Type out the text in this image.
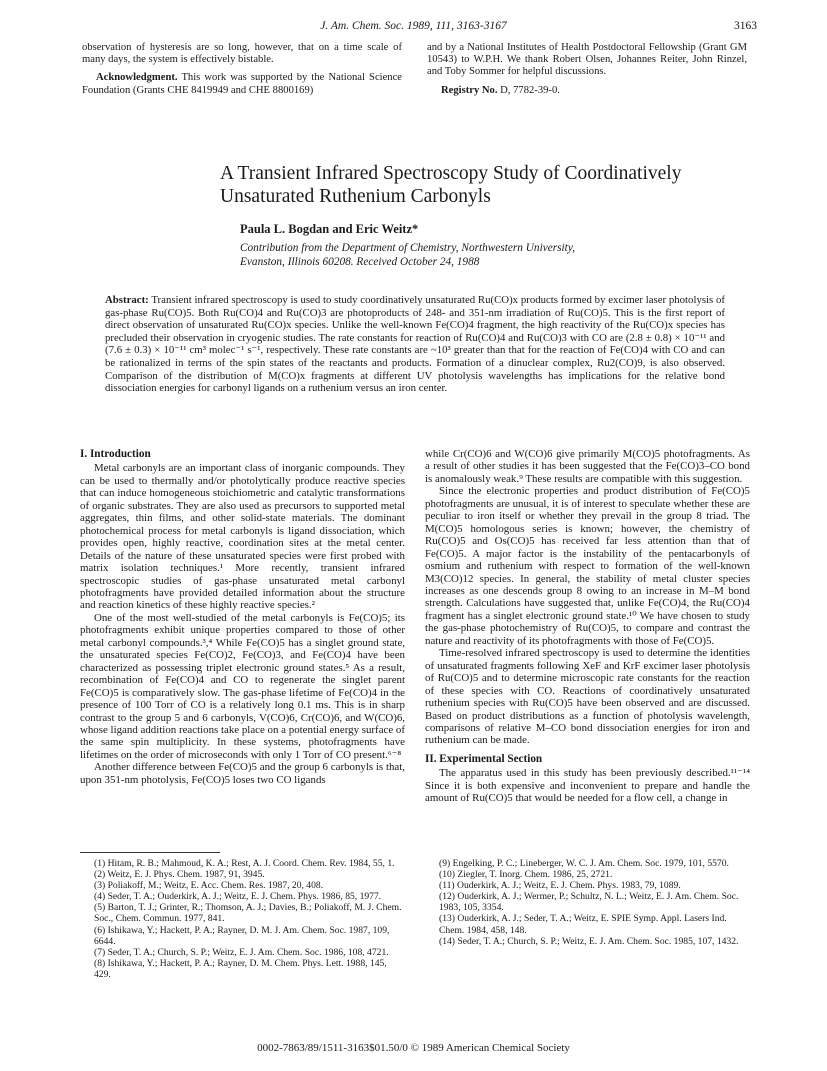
J. Am. Chem. Soc. 1989, 111, 3163-3167	3163

observation of hysteresis are so long, however, that on a time scale of many days, the system is effectively bistable.

Acknowledgment. This work was supported by the National Science Foundation (Grants CHE 8419949 and CHE 8800169)

and by a National Institutes of Health Postdoctoral Fellowship (Grant GM 10543) to W.P.H. We thank Robert Olsen, Johannes Reiter, John Rinzel, and Toby Sommer for helpful discussions.

Registry No. D, 7782-39-0.

A Transient Infrared Spectroscopy Study of Coordinatively Unsaturated Ruthenium Carbonyls
Paula L. Bogdan and Eric Weitz*
Contribution from the Department of Chemistry, Northwestern University,
Evanston, Illinois 60208. Received October 24, 1988
Abstract: Transient infrared spectroscopy is used to study coordinatively unsaturated Ru(CO)x products formed by excimer laser photolysis of gas-phase Ru(CO)5. Both Ru(CO)4 and Ru(CO)3 are photoproducts of 248- and 351-nm irradiation of Ru(CO)5. This is the first report of direct observation of unsaturated Ru(CO)x species. Unlike the well-known Fe(CO)4 fragment, the high reactivity of the Ru(CO)x species has precluded their observation in cryogenic studies. The rate constants for reaction of Ru(CO)4 and Ru(CO)3 with CO are (2.8 ± 0.8) × 10⁻¹¹ and (7.6 ± 0.3) × 10⁻¹¹ cm³ molec⁻¹ s⁻¹, respectively. These rate constants are ~10³ greater than that for the reaction of Fe(CO)4 with CO and can be rationalized in terms of the spin states of the reactants and products. Formation of a dinuclear complex, Ru2(CO)9, is also observed. Comparison of the distribution of M(CO)x fragments at different UV photolysis wavelengths has implications for the relative bond dissociation energies for carbonyl ligands on a ruthenium versus an iron center.

I. Introduction

Metal carbonyls are an important class of inorganic compounds. They can be used to thermally and/or photolytically produce reactive species that can induce homogeneous stoichiometric and catalytic transformations of organic substrates. They are also used as precursors to supported metal aggregates, thin films, and other solid-state materials. The dominant photochemical process for metal carbonyls is ligand dissociation, which provides open, highly reactive, coordination sites at the metal center. Details of the nature of these unsaturated species were first probed with matrix isolation techniques.¹ More recently, transient infrared spectroscopic studies of gas-phase unsaturated metal carbonyl photofragments have provided detailed information about the structure and reaction kinetics of these highly reactive species.²

One of the most well-studied of the metal carbonyls is Fe(CO)5; its photofragments exhibit unique properties compared to those of other metal carbonyl compounds.³,⁴ While Fe(CO)5 has a singlet ground state, the unsaturated species Fe(CO)2, Fe(CO)3, and Fe(CO)4 have been characterized as possessing triplet electronic ground states.⁵ As a result, recombination of Fe(CO)4 and CO to regenerate the singlet parent Fe(CO)5 is comparatively slow. The gas-phase lifetime of Fe(CO)4 in the presence of 100 Torr of CO is a relatively long 0.1 ms. This is in sharp contrast to the group 5 and 6 carbonyls, V(CO)6, Cr(CO)6, and W(CO)6, whose ligand addition reactions take place on a potential energy surface of the same spin multiplicity. In these systems, photofragments have lifetimes on the order of microseconds with only 1 Torr of CO present.⁶⁻⁸

Another difference between Fe(CO)5 and the group 6 carbonyls is that, upon 351-nm photolysis, Fe(CO)5 loses two CO ligands

while Cr(CO)6 and W(CO)6 give primarily M(CO)5 photofragments. As a result of other studies it has been suggested that the Fe(CO)3–CO bond is anomalously weak.⁹ These results are compatible with this suggestion.

Since the electronic properties and product distribution of Fe(CO)5 photofragments are unusual, it is of interest to speculate whether these are peculiar to iron itself or whether they prevail in the group 8 triad. The M(CO)5 homologous series is known; however, the chemistry of Ru(CO)5 and Os(CO)5 has received far less attention than that of Fe(CO)5. A major factor is the instability of the pentacarbonyls of osmium and ruthenium with respect to formation of the well-known M3(CO)12 species. In general, the stability of metal cluster species increases as one descends group 8 owing to an increase in M–M bond strength. Calculations have suggested that, unlike Fe(CO)4, the Ru(CO)4 fragment has a singlet electronic ground state.¹⁰ We have chosen to study the gas-phase photochemistry of Ru(CO)5, to compare and contrast the nature and reactivity of its photofragments with those of Fe(CO)5.

Time-resolved infrared spectroscopy is used to determine the identities of unsaturated fragments following XeF and KrF excimer laser photolysis of Ru(CO)5 and to determine microscopic rate constants for the reaction of these species with CO. Reactions of coordinatively unsaturated ruthenium species with Ru(CO)5 have been observed and are discussed. Based on product distributions as a function of photolysis wavelength, comparisons of relative M–CO bond dissociation energies for iron and ruthenium can be made.

II. Experimental Section

The apparatus used in this study has been previously described.¹¹⁻¹⁴ Since it is both expensive and inconvenient to prepare and handle the amount of Ru(CO)5 that would be needed for a flow cell, a change in

(1) Hitam, R. B.; Mahmoud, K. A.; Rest, A. J. Coord. Chem. Rev. 1984, 55, 1.
(2) Weitz, E. J. Phys. Chem. 1987, 91, 3945.
(3) Poliakoff, M.; Weitz, E. Acc. Chem. Res. 1987, 20, 408.
(4) Seder, T. A.; Ouderkirk, A. J.; Weitz, E. J. Chem. Phys. 1986, 85, 1977.
(5) Barton, T. J.; Grinter, R.; Thomson, A. J.; Davies, B.; Poliakoff, M. J. Chem. Soc., Chem. Commun. 1977, 841.
(6) Ishikawa, Y.; Hackett, P. A.; Rayner, D. M. J. Am. Chem. Soc. 1987, 109, 6644.
(7) Seder, T. A.; Church, S. P.; Weitz, E. J. Am. Chem. Soc. 1986, 108, 4721.
(8) Ishikawa, Y.; Hackett, P. A.; Rayner, D. M. Chem. Phys. Lett. 1988, 145, 429.
(9) Engelking, P. C.; Lineberger, W. C. J. Am. Chem. Soc. 1979, 101, 5570.
(10) Ziegler, T. Inorg. Chem. 1986, 25, 2721.
(11) Ouderkirk, A. J.; Weitz, E. J. Chem. Phys. 1983, 79, 1089.
(12) Ouderkirk, A. J.; Wermer, P.; Schultz, N. L.; Weitz, E. J. Am. Chem. Soc. 1983, 105, 3354.
(13) Ouderkirk, A. J.; Seder, T. A.; Weitz, E. SPIE Symp. Appl. Lasers Ind. Chem. 1984, 458, 148.
(14) Seder, T. A.; Church, S. P.; Weitz, E. J. Am. Chem. Soc. 1985, 107, 1432.
0002-7863/89/1511-3163$01.50/0 © 1989 American Chemical Society
